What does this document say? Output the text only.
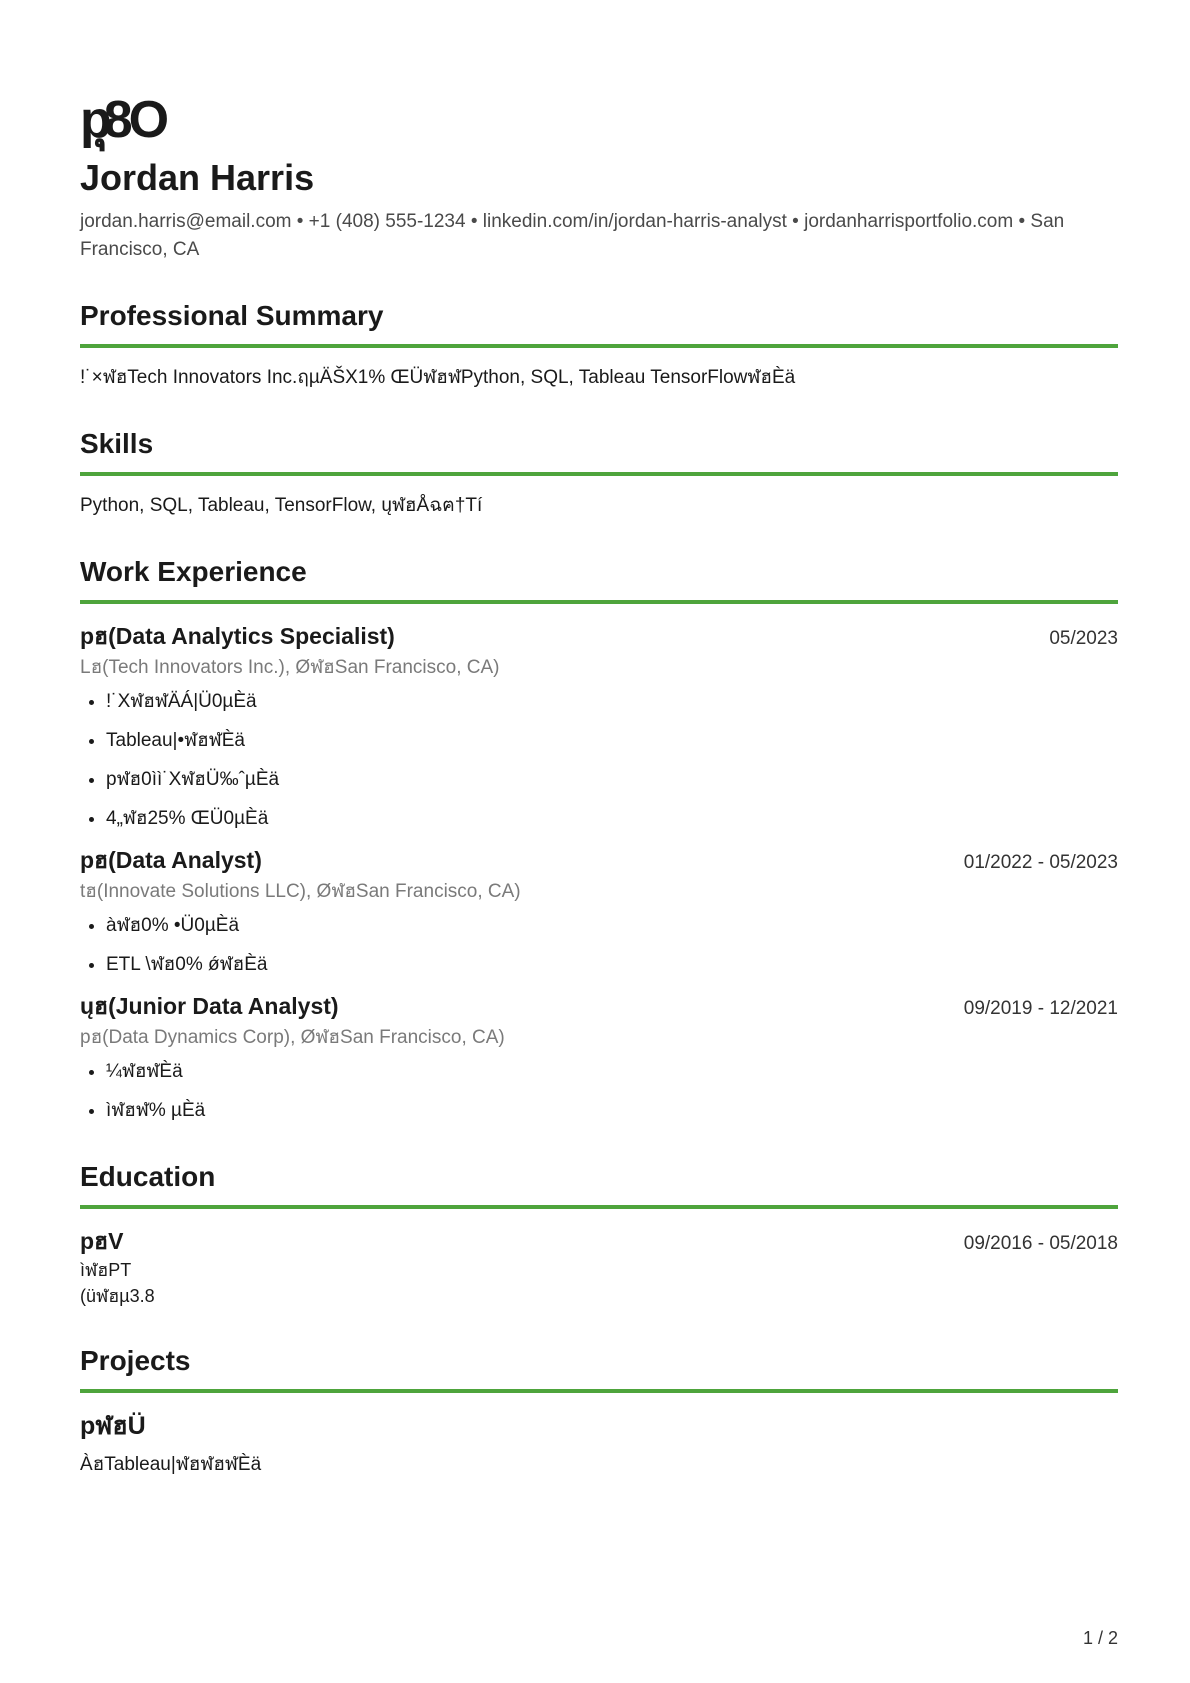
pุ8O
Jordan Harris

jordan.harris@email.com • +1 (408) 555-1234 • linkedin.com/in/jordan-harris-analyst • jordanharrisportfolio.com • San Francisco, CA

Professional Summary

!˙×ฬฮTech Innovators Inc.ฤµÄŠX1% ŒÜฬฮฬPython, SQL, Tableau TensorFlowฬฮÈä

Skills

Python, SQL, Tableau, TensorFlow, ųฬฮÅฉฅ†Tí

Work Experience
pฮ(Data Analytics Specialist)	05/2023
Lฮ(Tech Innovators Inc.), ØฬฮSan Francisco, CA)
• !˙XฬฮฬÄÁ|Ü0µÈä
• Tableau|•ฬฮฬÈä
• pฬฮ0ìì˙XฬฮÜ‰ˆµÈä
• 4„ฬฮ25% ŒÜ0µÈä
pฮ(Data Analyst)	01/2022 - 05/2023
tฮ(Innovate Solutions LLC), ØฬฮSan Francisco, CA)
• àฬฮ0% •Ü0µÈä
• ETL \ฬฮ0% ǿฬฮÈä
ųฮ(Junior Data Analyst)	09/2019 - 12/2021
pฮ(Data Dynamics Corp), ØฬฮSan Francisco, CA)
• ¼ฬฮฬÈä
• ìฬฮฬ% µÈä
Education
pฮV	09/2016 - 05/2018
ìฬฮPT
(üฬฮµ3.8
Projects
pฬฮÜ

ÀฮTableau|ฬฮฬฮฬÈä

1 / 2
